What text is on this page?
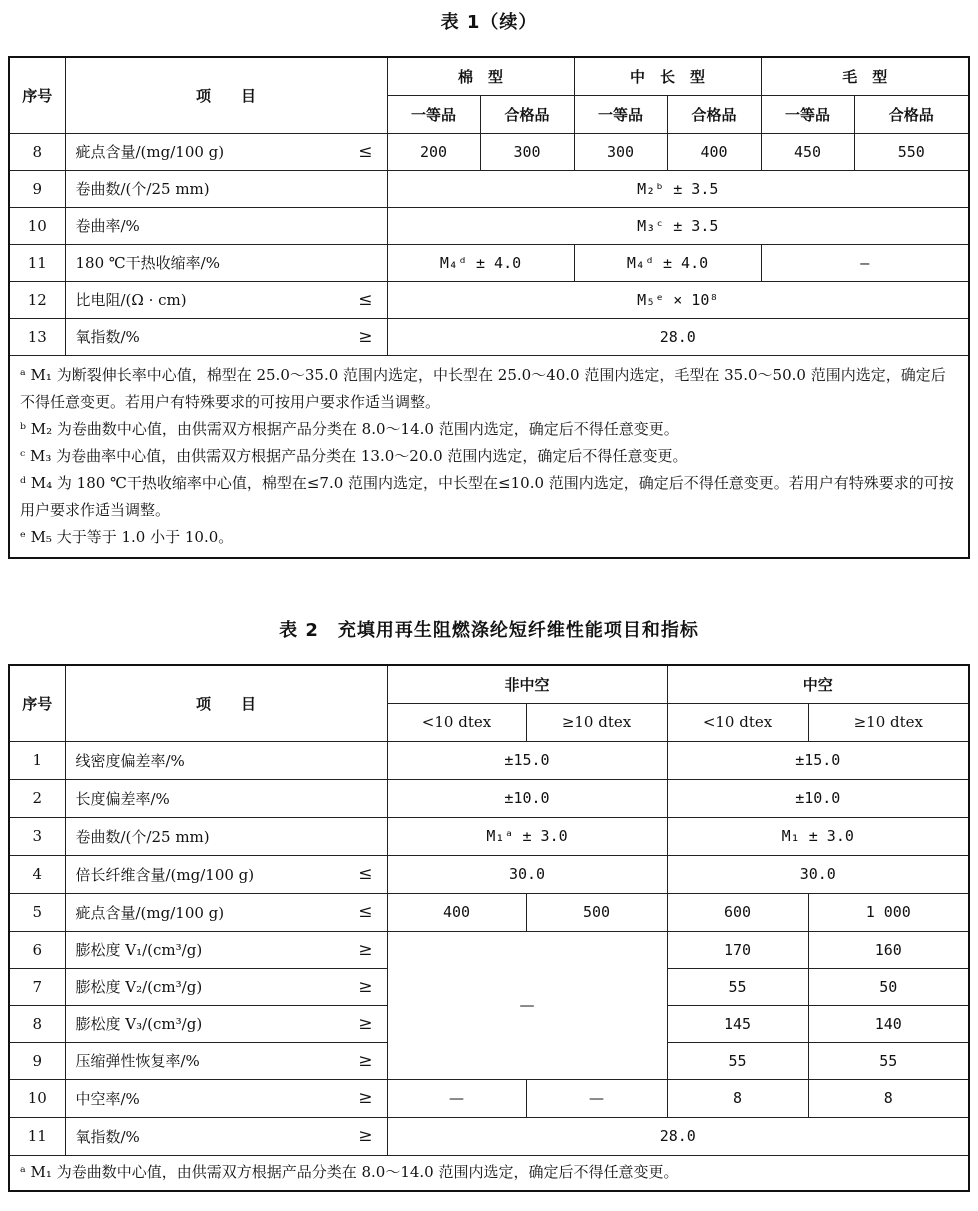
表 1（续）
序号	项　　目	棉　型		中　长　型		毛　型	
		一等品	合格品	一等品	合格品	一等品	合格品
8	疵点含量/(mg/100 g) ≤	200	300	300	400	450	550
9	卷曲数/(个/25 mm)	M₂ᵇ ± 3.5					
10	卷曲率/%	M₃ᶜ ± 3.5					
11	180 ℃干热收缩率/%	M₄ᵈ ± 4.0		M₄ᵈ ± 4.0		—	
12	比电阻/(Ω · cm) ≤	M₅ᵉ × 10⁸					
13	氧指数/% ≥	28.0					

ᵃ M₁ 为断裂伸长率中心值，棉型在 25.0～35.0 范围内选定，中长型在 25.0～40.0 范围内选定，毛型在 35.0～50.0 范围内选定，确定后不得任意变更。若用户有特殊要求的可按用户要求作适当调整。
ᵇ M₂ 为卷曲数中心值，由供需双方根据产品分类在 8.0～14.0 范围内选定，确定后不得任意变更。
ᶜ M₃ 为卷曲率中心值，由供需双方根据产品分类在 13.0～20.0 范围内选定，确定后不得任意变更。
ᵈ M₄ 为 180 ℃干热收缩率中心值，棉型在≤7.0 范围内选定，中长型在≤10.0 范围内选定，确定后不得任意变更。若用户有特殊要求的可按用户要求作适当调整。
ᵉ M₅ 大于等于 1.0 小于 10.0。							
表 2　充填用再生阻燃涤纶短纤维性能项目和指标
序号	项　　目	非中空		中空	
		<10 dtex	≥10 dtex	<10 dtex	≥10 dtex
1	线密度偏差率/%	±15.0		±15.0	
2	长度偏差率/%	±10.0		±10.0	
3	卷曲数/(个/25 mm)	M₁ᵃ ± 3.0		M₁ ± 3.0	
4	倍长纤维含量/(mg/100 g) ≤	30.0		30.0	
5	疵点含量/(mg/100 g) ≤	400	500	600	1 000
6	膨松度 V₁/(cm³/g) ≥	—		170	160
7	膨松度 V₂/(cm³/g) ≥			55	50
8	膨松度 V₃/(cm³/g) ≥			145	140
9	压缩弹性恢复率/% ≥			55	55
10	中空率/% ≥	—	—	8	8
11	氧指数/% ≥	28.0			

ᵃ M₁ 为卷曲数中心值，由供需双方根据产品分类在 8.0～14.0 范围内选定，确定后不得任意变更。					
